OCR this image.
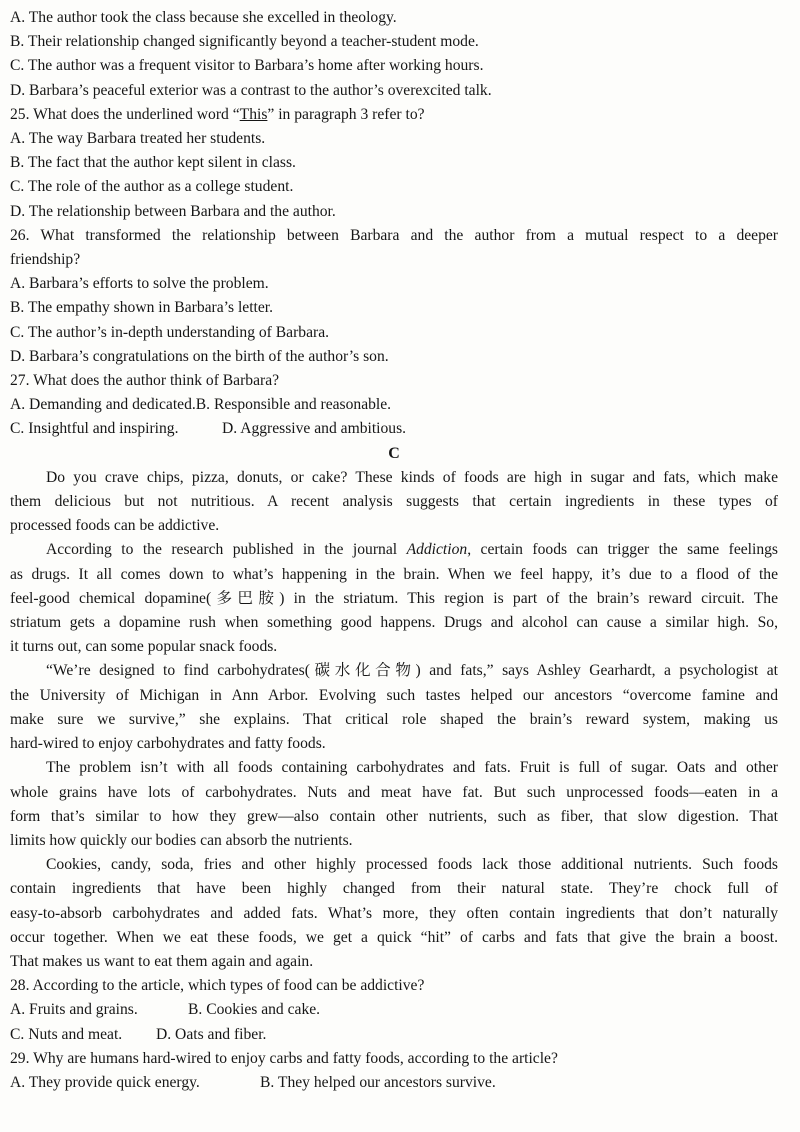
A. The author took the class because she excelled in theology.
B. Their relationship changed significantly beyond a teacher-student mode.
C. The author was a frequent visitor to Barbara’s home after working hours.
D. Barbara’s peaceful exterior was a contrast to the author’s overexcited talk.
25. What does the underlined word “This” in paragraph 3 refer to?
A. The way Barbara treated her students.
B. The fact that the author kept silent in class.
C. The role of the author as a college student.
D. The relationship between Barbara and the author.
26. What transformed the relationship between Barbara and the author from a mutual respect to a deeper
friendship?
A. Barbara’s efforts to solve the problem.
B. The empathy shown in Barbara’s letter.
C. The author’s in-depth understanding of Barbara.
D. Barbara’s congratulations on the birth of the author’s son.
27. What does the author think of Barbara?
A. Demanding and dedicated. B. Responsible and reasonable.
C. Insightful and inspiring.	D. Aggressive and ambitious.
C
Do you crave chips, pizza, donuts, or cake? These kinds of foods are high in sugar and fats, which make
them delicious but not nutritious. A recent analysis suggests that certain ingredients in these types of
processed foods can be addictive.
According to the research published in the journal Addiction, certain foods can trigger the same feelings
as drugs. It all comes down to what’s happening in the brain. When we feel happy, it’s due to a flood of the
feel-good chemical dopamine(多巴胺) in the striatum. This region is part of the brain’s reward circuit. The
striatum gets a dopamine rush when something good happens. Drugs and alcohol can cause a similar high. So,
it turns out, can some popular snack foods.
“We’re designed to find carbohydrates(碳水化合物) and fats,” says Ashley Gearhardt, a psychologist at
the University of Michigan in Ann Arbor. Evolving such tastes helped our ancestors “overcome famine and
make sure we survive,” she explains. That critical role shaped the brain’s reward system, making us
hard-wired to enjoy carbohydrates and fatty foods.
The problem isn’t with all foods containing carbohydrates and fats. Fruit is full of sugar. Oats and other
whole grains have lots of carbohydrates. Nuts and meat have fat. But such unprocessed foods—eaten in a
form that’s similar to how they grew—also contain other nutrients, such as fiber, that slow digestion. That
limits how quickly our bodies can absorb the nutrients.
Cookies, candy, soda, fries and other highly processed foods lack those additional nutrients. Such foods
contain ingredients that have been highly changed from their natural state. They’re chock full of
easy-to-absorb carbohydrates and added fats. What’s more, they often contain ingredients that don’t naturally
occur together. When we eat these foods, we get a quick “hit” of carbs and fats that give the brain a boost.
That makes us want to eat them again and again.
28. According to the article, which types of food can be addictive?
A. Fruits and grains.	B. Cookies and cake.
C. Nuts and meat.	D. Oats and fiber.
29. Why are humans hard-wired to enjoy carbs and fatty foods, according to the article?
A. They provide quick energy.	B. They helped our ancestors survive.
